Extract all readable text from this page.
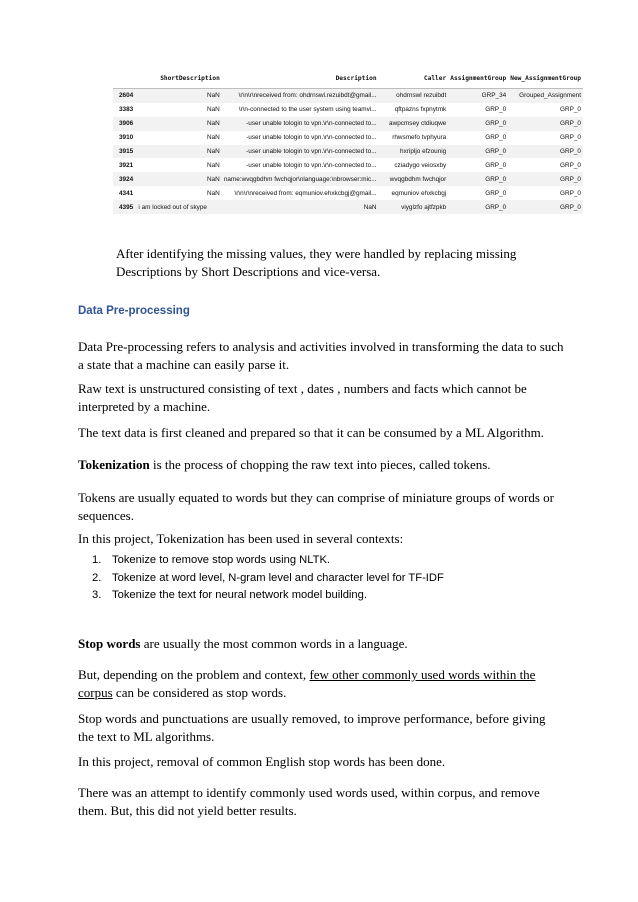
	ShortDescription	Description	Caller	AssignmentGroup	New_AssignmentGroup
2604	NaN	\r\n\r\nreceived from: ohdrnswl.rezuibdt@gmail...	ohdrnswl rezuibdt	GRP_34	Grouped_Assignment
3383	NaN	\r\n-connected to the user system using teamvi...	qftpazns fxpnytmk	GRP_0	GRP_0
3906	NaN	-user unable tologin to vpn.\r\n-connected to...	awpcmsey ctdiuqwe	GRP_0	GRP_0
3910	NaN	-user unable tologin to vpn.\r\n-connected to...	rhwsmefo tvphyura	GRP_0	GRP_0
3915	NaN	-user unable tologin to vpn.\r\n-connected to...	hxripljo efzounig	GRP_0	GRP_0
3921	NaN	-user unable tologin to vpn.\r\n-connected to...	cziadygo veiosxby	GRP_0	GRP_0
3924	NaN	name:wvqgbdhm fwchqjor\nlanguage:\nbrowser:mic...	wvqgbdhm fwchqjor	GRP_0	GRP_0
4341	NaN	\r\n\r\nreceived from: eqmuniov.ehxkcbgj@gmail...	eqmuniov ehxkcbgj	GRP_0	GRP_0
4395	i am locked out of skype	NaN	viyglzfo ajtfzpkb	GRP_0	GRP_0

After identifying the missing values, they were handled by replacing missing
Descriptions by Short Descriptions and vice-versa.

Data Pre-processing

Data Pre-processing refers to analysis and activities involved in transforming the data to such
a state that a machine can easily parse it.

Raw text is unstructured consisting of text , dates , numbers and facts which cannot be
interpreted by a machine.

The text data is first cleaned and prepared so that it can be consumed by a ML Algorithm.

Tokenization is the process of chopping the raw text into pieces, called tokens.

Tokens are usually equated to words but they can comprise of miniature groups of words or
sequences.

In this project, Tokenization has been used in several contexts:

1. Tokenize to remove stop words using NLTK.
2. Tokenize at word level, N-gram level and character level for TF-IDF
3. Tokenize the text for neural network model building.

Stop words are usually the most common words in a language.

But, depending on the problem and context, few other commonly used words within the
corpus can be considered as stop words.

Stop words and punctuations are usually removed, to improve performance, before giving
the text to ML algorithms.

In this project, removal of common English stop words has been done.

There was an attempt to identify commonly used words used, within corpus, and remove
them. But, this did not yield better results.
